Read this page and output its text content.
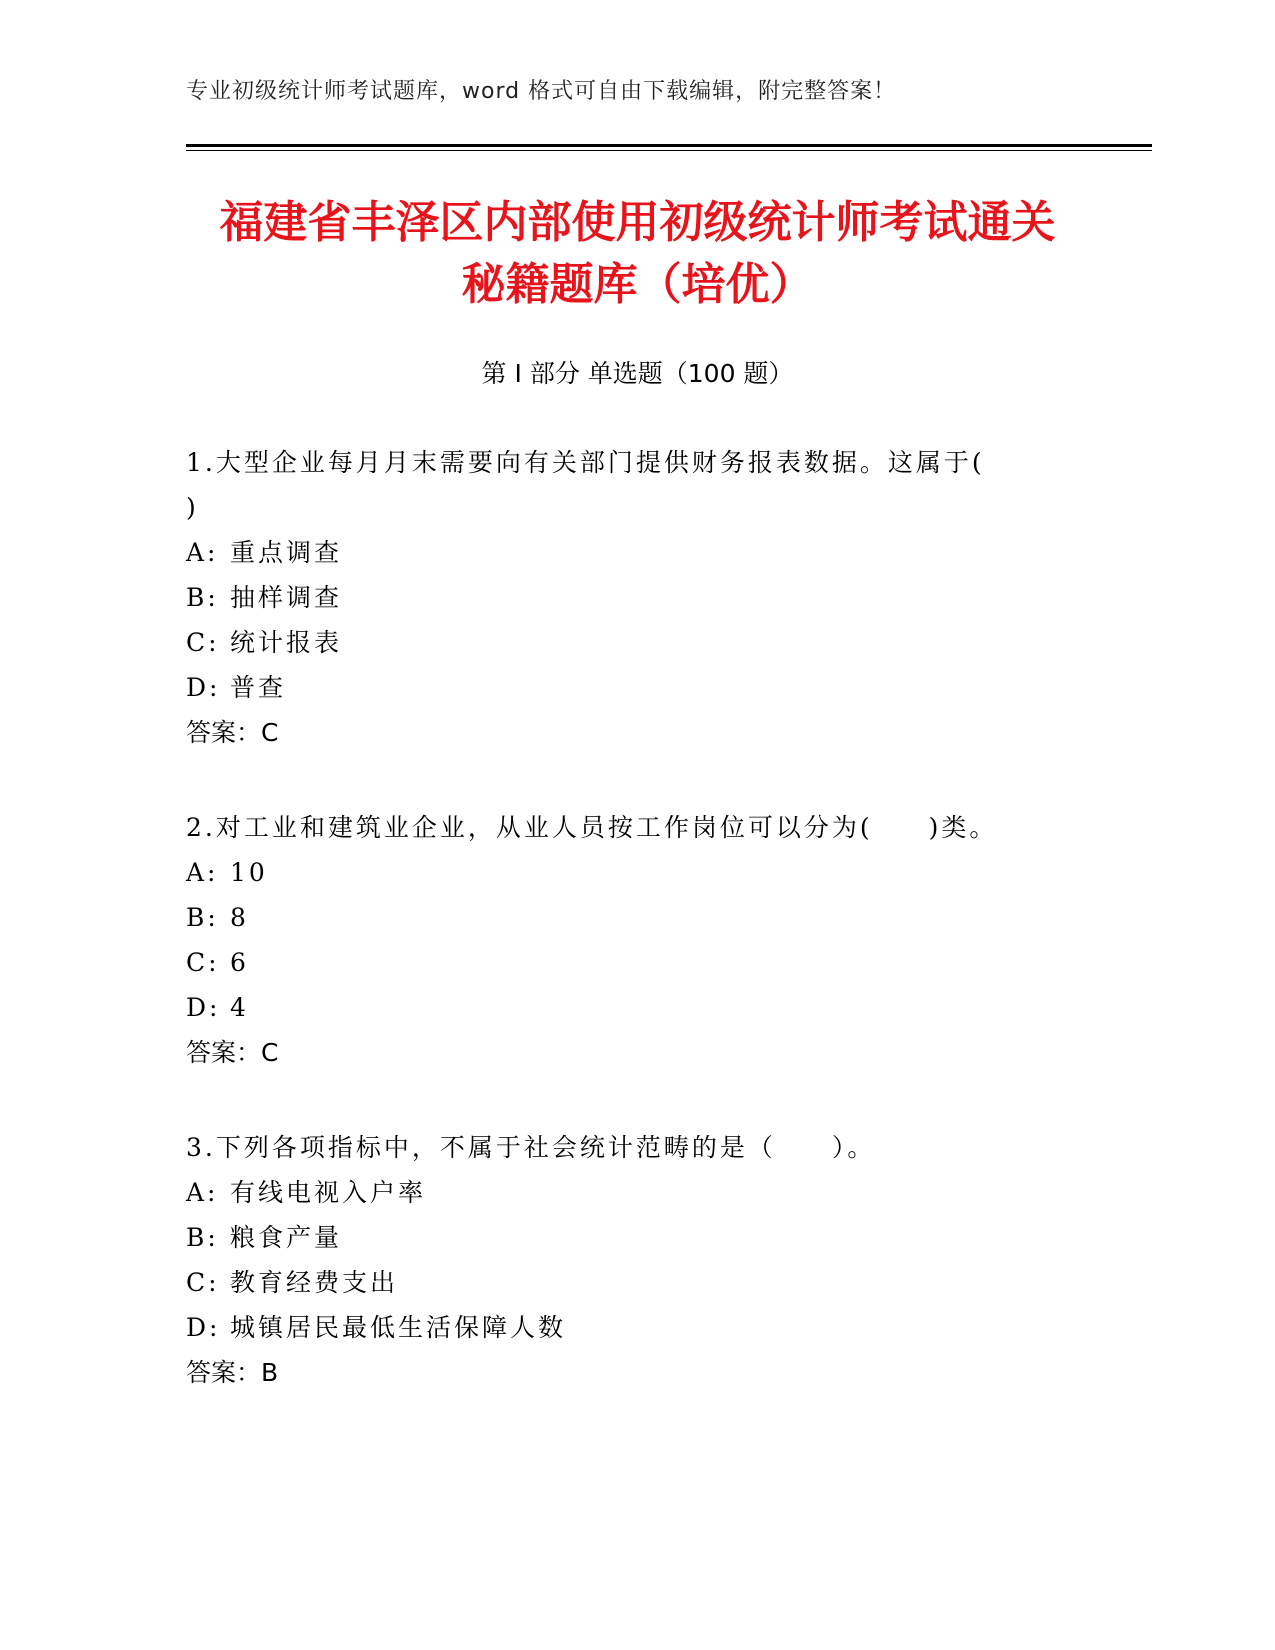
专业初级统计师考试题库，word 格式可自由下载编辑，附完整答案！
福建省丰泽区内部使用初级统计师考试通关
秘籍题库（培优）
第 I 部分 单选题（100 题）
1.大型企业每月月末需要向有关部门提供财务报表数据。这属于(
)
A: 重点调查
B: 抽样调查
C: 统计报表
D: 普查
答案：C
2.对工业和建筑业企业，从业人员按工作岗位可以分为(　　)类。
A: 10
B: 8
C: 6
D: 4
答案：C
3.下列各项指标中，不属于社会统计范畴的是（　　）。
A: 有线电视入户率
B: 粮食产量
C: 教育经费支出
D: 城镇居民最低生活保障人数
答案：B
